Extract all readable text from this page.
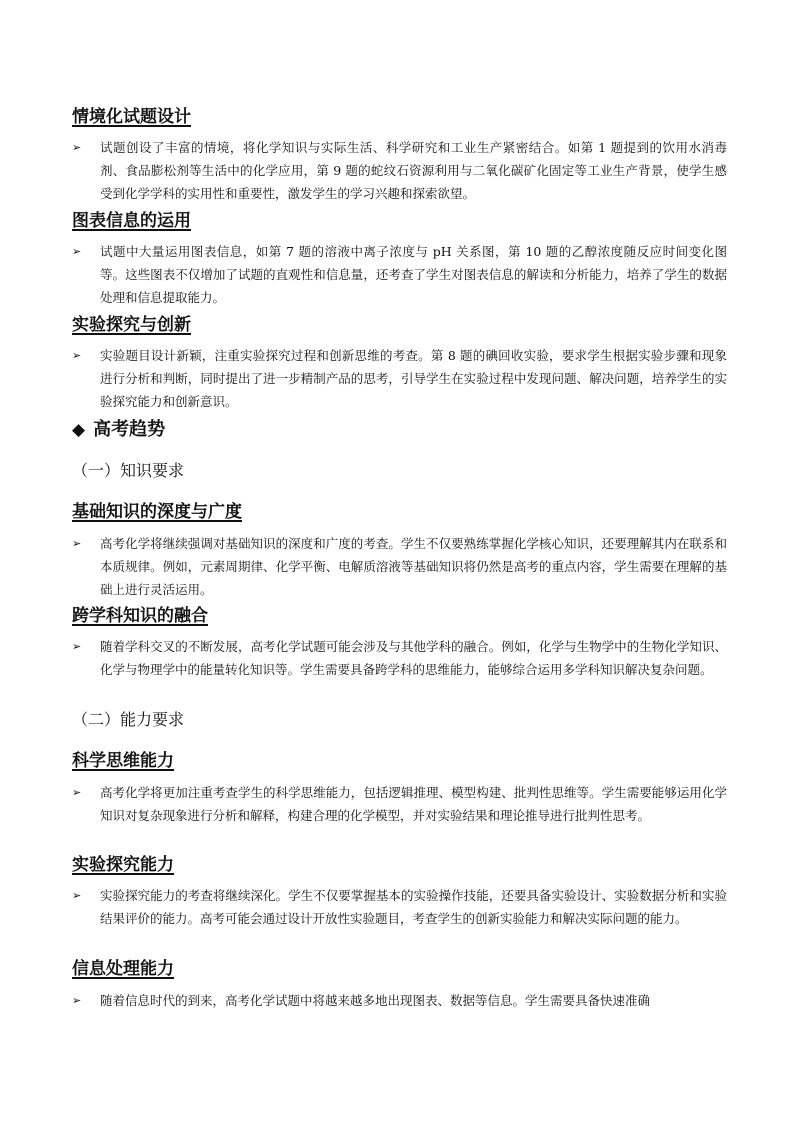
情境化试题设计
➢	试题创设了丰富的情境，将化学知识与实际生活、科学研究和工业生产紧密结合。如第 1 题提到的饮用水消毒剂、食品膨松剂等生活中的化学应用，第 9 题的蛇纹石资源利用与二氧化碳矿化固定等工业生产背景，使学生感受到化学学科的实用性和重要性，激发学生的学习兴趣和探索欲望。
图表信息的运用
➢	试题中大量运用图表信息，如第 7 题的溶液中离子浓度与 pH 关系图，第 10 题的乙醇浓度随反应时间变化图等。这些图表不仅增加了试题的直观性和信息量，还考查了学生对图表信息的解读和分析能力，培养了学生的数据处理和信息提取能力。
实验探究与创新
➢	实验题目设计新颖，注重实验探究过程和创新思维的考查。第 8 题的碘回收实验，要求学生根据实验步骤和现象进行分析和判断，同时提出了进一步精制产品的思考，引导学生在实验过程中发现问题、解决问题，培养学生的实验探究能力和创新意识。
◆ 高考趋势
（一）知识要求
基础知识的深度与广度
➢	高考化学将继续强调对基础知识的深度和广度的考查。学生不仅要熟练掌握化学核心知识，还要理解其内在联系和本质规律。例如，元素周期律、化学平衡、电解质溶液等基础知识将仍然是高考的重点内容，学生需要在理解的基础上进行灵活运用。
跨学科知识的融合
➢	随着学科交叉的不断发展，高考化学试题可能会涉及与其他学科的融合。例如，化学与生物学中的生物化学知识、化学与物理学中的能量转化知识等。学生需要具备跨学科的思维能力，能够综合运用多学科知识解决复杂问题。
（二）能力要求
科学思维能力
➢	高考化学将更加注重考查学生的科学思维能力，包括逻辑推理、模型构建、批判性思维等。学生需要能够运用化学知识对复杂现象进行分析和解释，构建合理的化学模型，并对实验结果和理论推导进行批判性思考。
实验探究能力
➢	实验探究能力的考查将继续深化。学生不仅要掌握基本的实验操作技能，还要具备实验设计、实验数据分析和实验结果评价的能力。高考可能会通过设计开放性实验题目，考查学生的创新实验能力和解决实际问题的能力。
信息处理能力
➢	随着信息时代的到来，高考化学试题中将越来越多地出现图表、数据等信息。学生需要具备快速准确
